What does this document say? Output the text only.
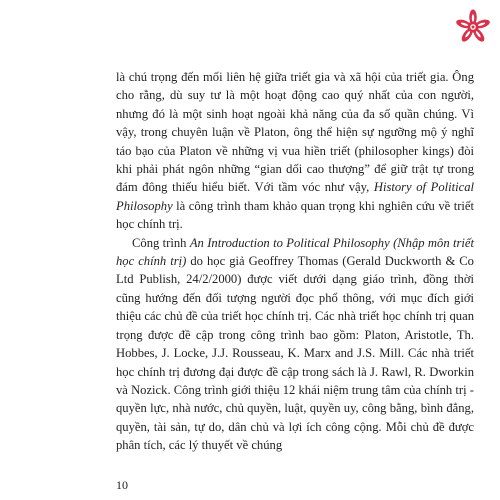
là chú trọng đến mối liên hệ giữa triết gia và xã hội của triết gia. Ông cho rằng, dù suy tư là một hoạt động cao quý nhất của con người, nhưng đó là một sinh hoạt ngoài khả năng của đa số quần chúng. Vì vậy, trong chuyên luận về Platon, ông thể hiện sự ngưỡng mộ ý nghĩ táo bạo của Platon về những vị vua hiền triết (philosopher kings) đòi khi phải phát ngôn những “gian dối cao thượng” để giữ trật tự trong đám đông thiếu hiểu biết. Với tầm vóc như vậy, History of Political Philosophy là công trình tham khảo quan trọng khi nghiên cứu về triết học chính trị.

Công trình An Introduction to Political Philosophy (Nhập môn triết học chính trị) do học giả Geoffrey Thomas (Gerald Duckworth & Co Ltd Publish, 24/2/2000) được viết dưới dạng giáo trình, đồng thời cũng hướng đến đối tượng người đọc phổ thông, với mục đích giới thiệu các chủ đề của triết học chính trị. Các nhà triết học chính trị quan trọng được đề cập trong công trình bao gồm: Platon, Aristotle, Th. Hobbes, J. Locke, J.J. Rousseau, K. Marx and J.S. Mill. Các nhà triết học chính trị đương đại được đề cập trong sách là J. Rawl, R. Dworkin và Nozick. Công trình giới thiệu 12 khái niệm trung tâm của chính trị - quyền lực, nhà nước, chủ quyền, luật, quyền uy, công bằng, bình đẳng, quyền, tài sản, tự do, dân chủ và lợi ích công cộng. Mỗi chủ đề được phân tích, các lý thuyết về chúng

10
